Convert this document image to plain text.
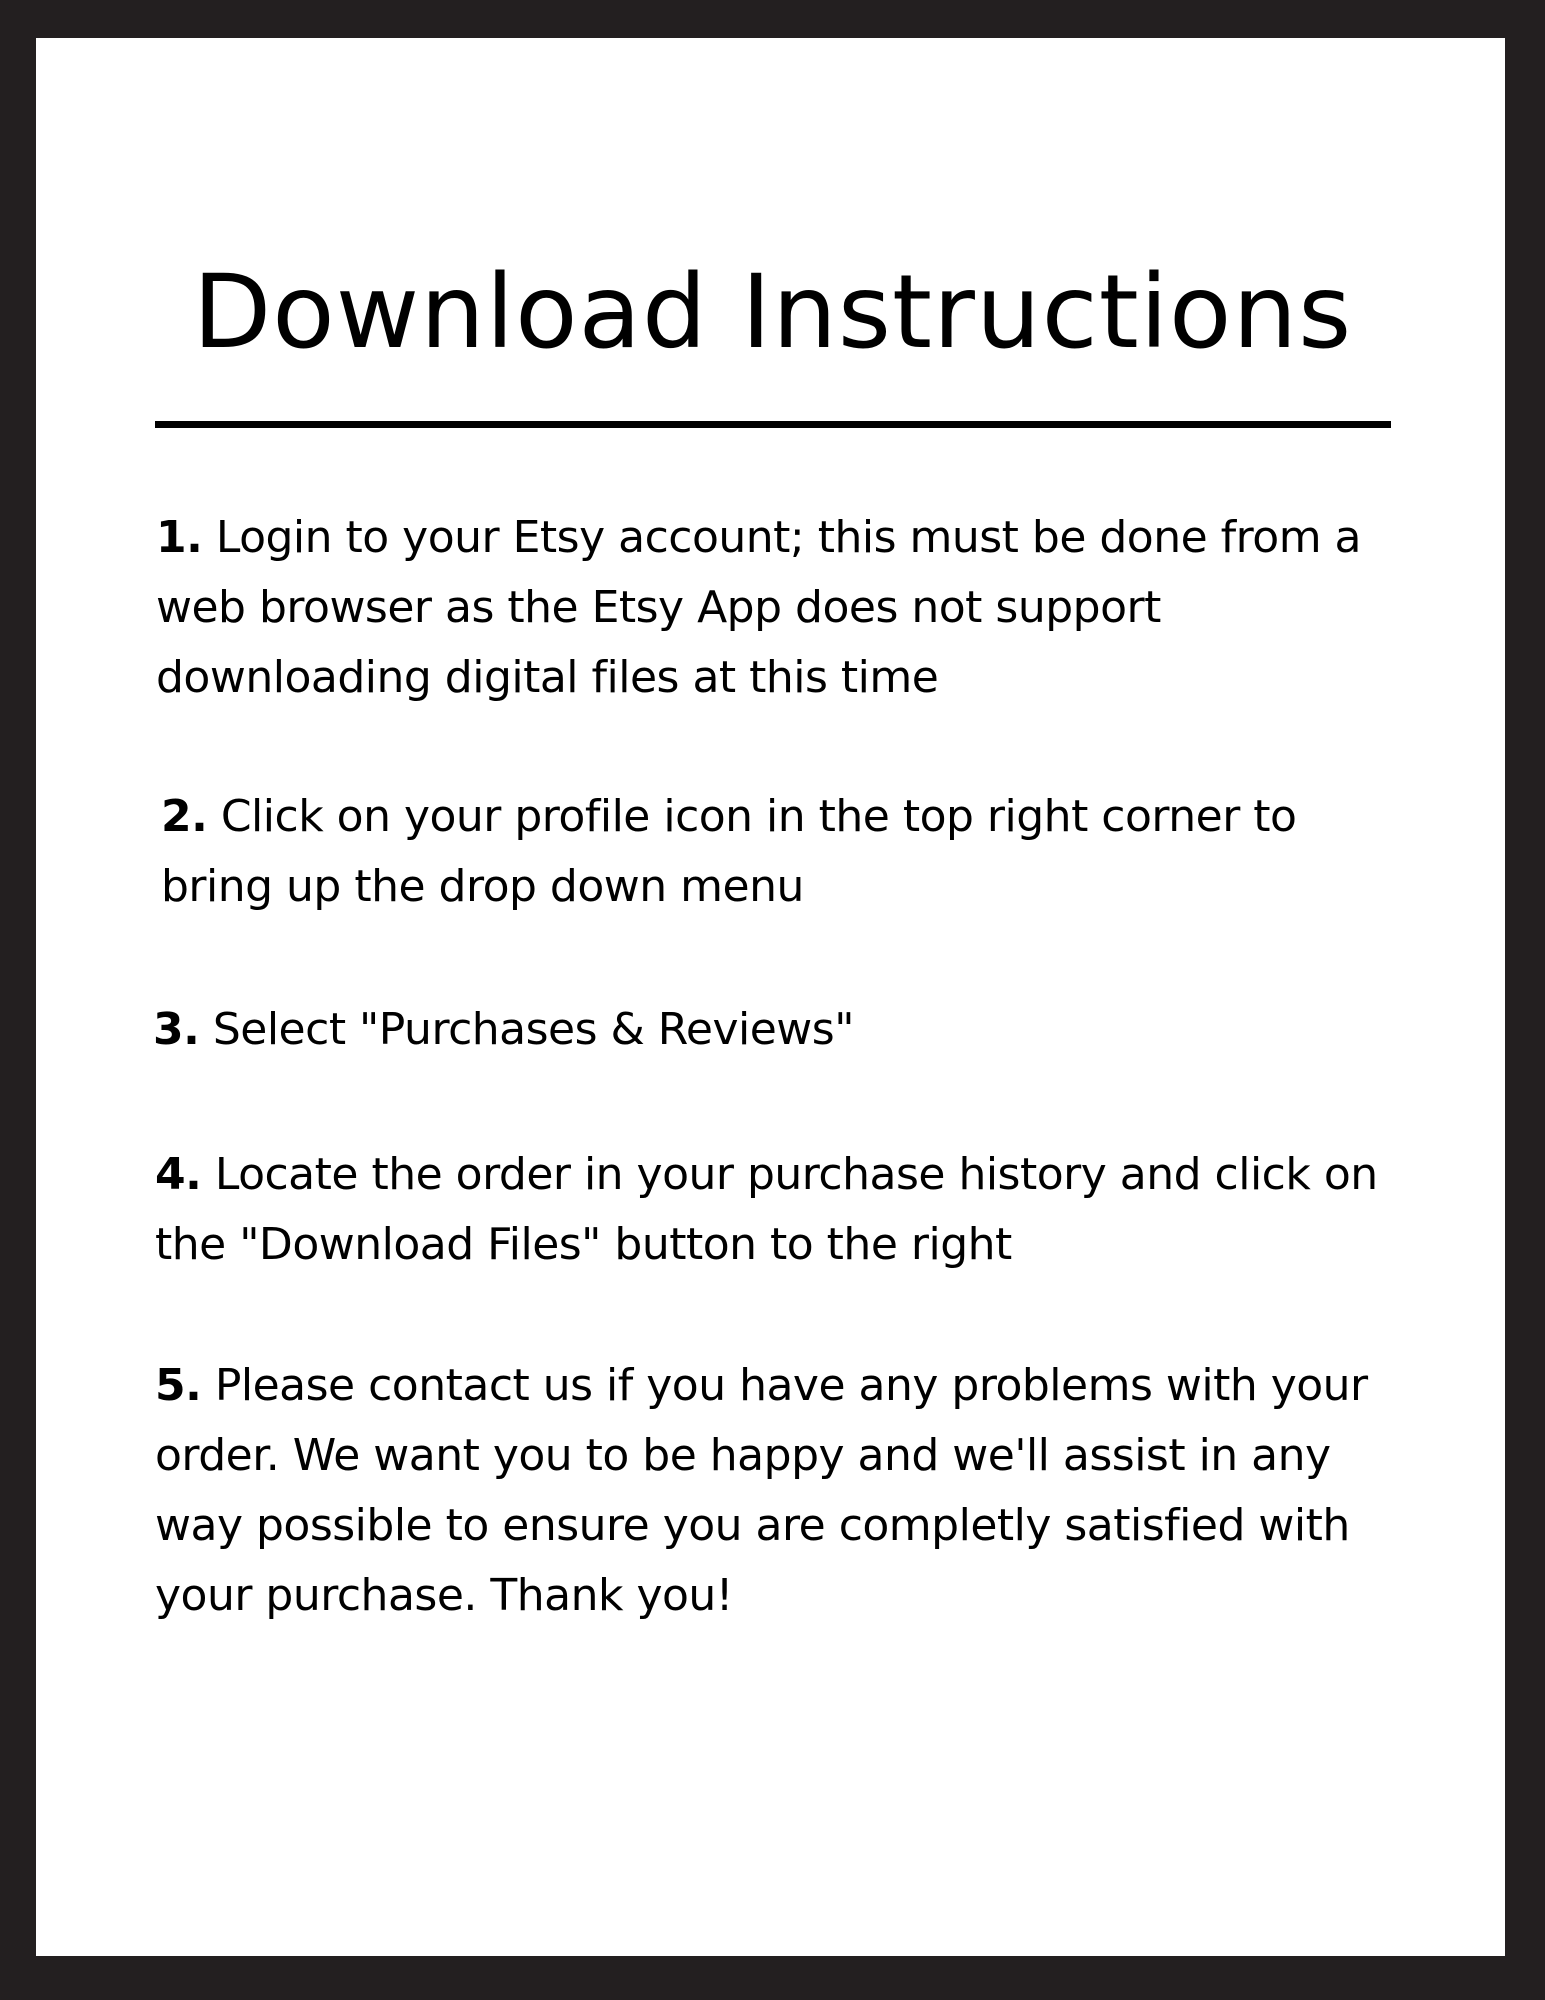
Download Instructions

1. Login to your Etsy account; this must be done from a web browser as the Etsy App does not support downloading digital files at this time

2. Click on your profile icon in the top right corner to bring up the drop down menu

3. Select "Purchases & Reviews"

4. Locate the order in your purchase history and click on the "Download Files" button to the right

5. Please contact us if you have any problems with your order. We want you to be happy and we'll assist in any way possible to ensure you are completly satisfied with your purchase. Thank you!
